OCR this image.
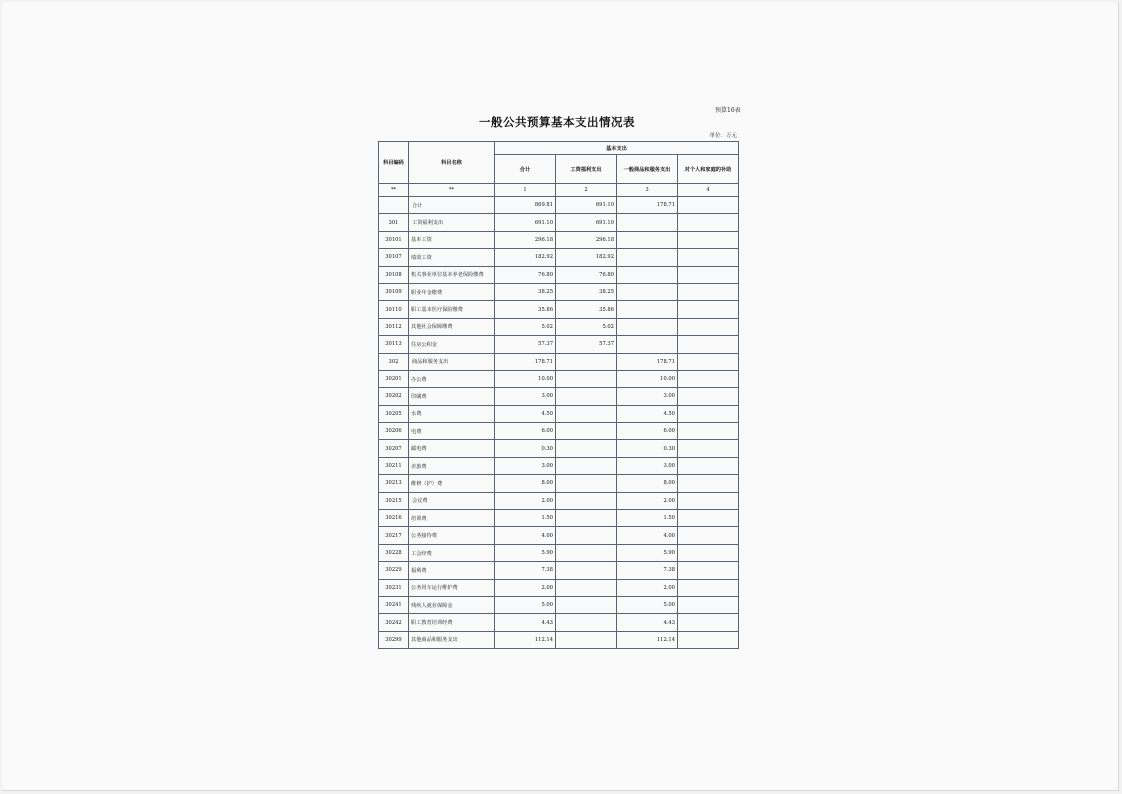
预算16表
一般公共预算基本支出情况表
单位：万元
科目编码	科目名称	基本支出			
		合计	工资福利支出	一般商品和服务支出	对个人和家庭的补助
**	**	1	2	3	4
	合计	869.81	691.10	178.71	
301	工资福利支出	691.10	691.10		
30101	基本工资	296.18	296.18		
30107	绩效工资	182.92	182.92		
30108	机关事业单位基本养老保险缴费	76.80	76.80		
30109	职业年金缴费	38.25	38.25		
30110	职工基本医疗保险缴费	35.86	35.86		
30112	其他社会保障缴费	5.02	5.02		
30113	住房公积金	57.37	57.37		
302	商品和服务支出	178.71		178.71	
30201	办公费	10.00		10.00	
30202	印刷费	3.00		3.00	
30205	水费	4.50		4.50	
30206	电费	6.00		6.00	
30207	邮电费	0.30		0.30	
30211	差旅费	3.00		3.00	
30213	维修（护）费	8.00		8.00	
30215	会议费	2.00		2.00	
30216	培训费	1.50		1.50	
30217	公务接待费	4.00		4.00	
30228	工会经费	5.90		5.90	
30229	福利费	7.38		7.38	
30231	公务用车运行维护费	2.00		2.00	
30241	残疾人就业保障金	5.00		5.00	
30242	职工教育培训经费	4.43		4.43	
30299	其他商品和服务支出	112.14		112.14	
